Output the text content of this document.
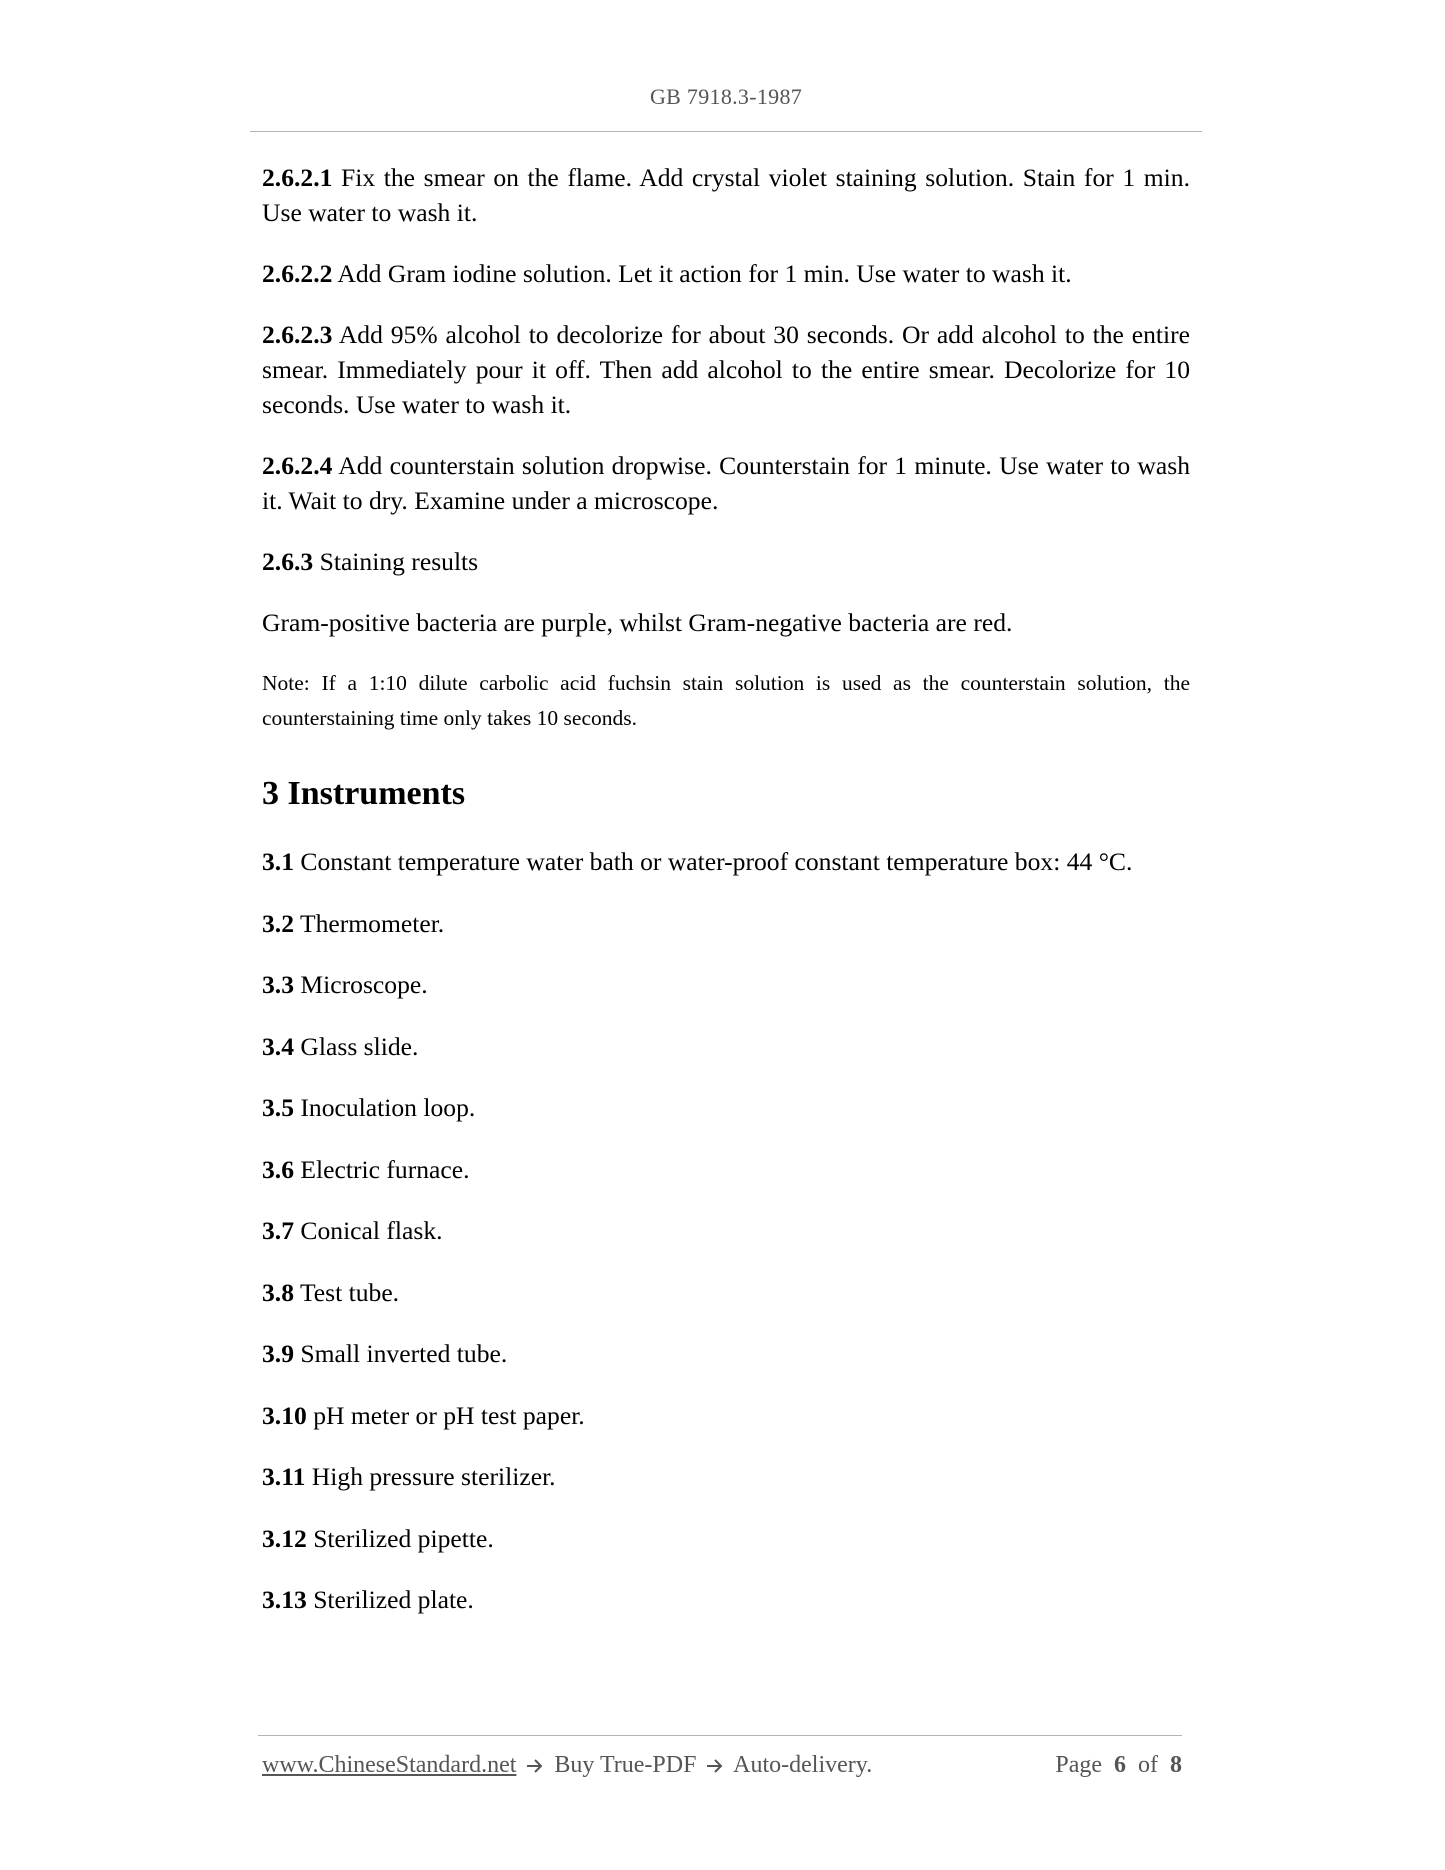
GB 7918.3-1987

2.6.2.1 Fix the smear on the flame. Add crystal violet staining solution. Stain for 1 min. Use water to wash it.

2.6.2.2 Add Gram iodine solution. Let it action for 1 min. Use water to wash it.

2.6.2.3 Add 95% alcohol to decolorize for about 30 seconds. Or add alcohol to the entire smear. Immediately pour it off. Then add alcohol to the entire smear. Decolorize for 10 seconds. Use water to wash it.

2.6.2.4 Add counterstain solution dropwise. Counterstain for 1 minute. Use water to wash it. Wait to dry. Examine under a microscope.

2.6.3 Staining results

Gram-positive bacteria are purple, whilst Gram-negative bacteria are red.

Note: If a 1:10 dilute carbolic acid fuchsin stain solution is used as the counterstain solution, the counterstaining time only takes 10 seconds.

3 Instruments
3.1 Constant temperature water bath or water-proof constant temperature box: 44 °C.
3.2 Thermometer.
3.3 Microscope.
3.4 Glass slide.
3.5 Inoculation loop.
3.6 Electric furnace.
3.7 Conical flask.
3.8 Test tube.
3.9 Small inverted tube.
3.10 pH meter or pH test paper.
3.11 High pressure sterilizer.
3.12 Sterilized pipette.
3.13 Sterilized plate.
www.ChineseStandard.net Buy True-PDF Auto-delivery.	Page 6 of 8
